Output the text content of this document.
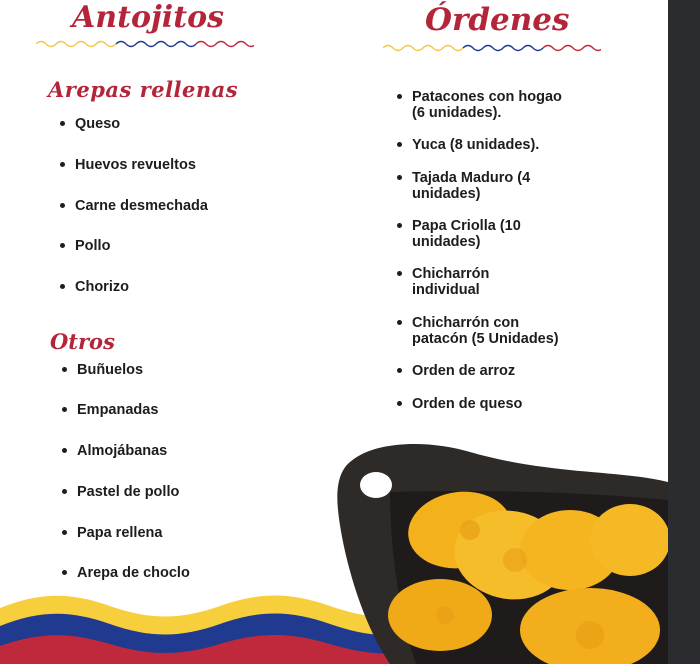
Antojitos	Órdenes
Arepas rellenas
Queso
Huevos revueltos
Carne desmechada
Pollo
Chorizo
Otros
Buñuelos
Empanadas
Almojábanas
Pastel de pollo
Papa rellena
Arepa de choclo
Patacones con hogao
(6 unidades).
Yuca (8 unidades).
Tajada Maduro (4
unidades)
Papa Criolla (10
unidades)
Chicharrón
individual
Chicharrón con
patacón (5 Unidades)
Orden de arroz
Orden de queso
